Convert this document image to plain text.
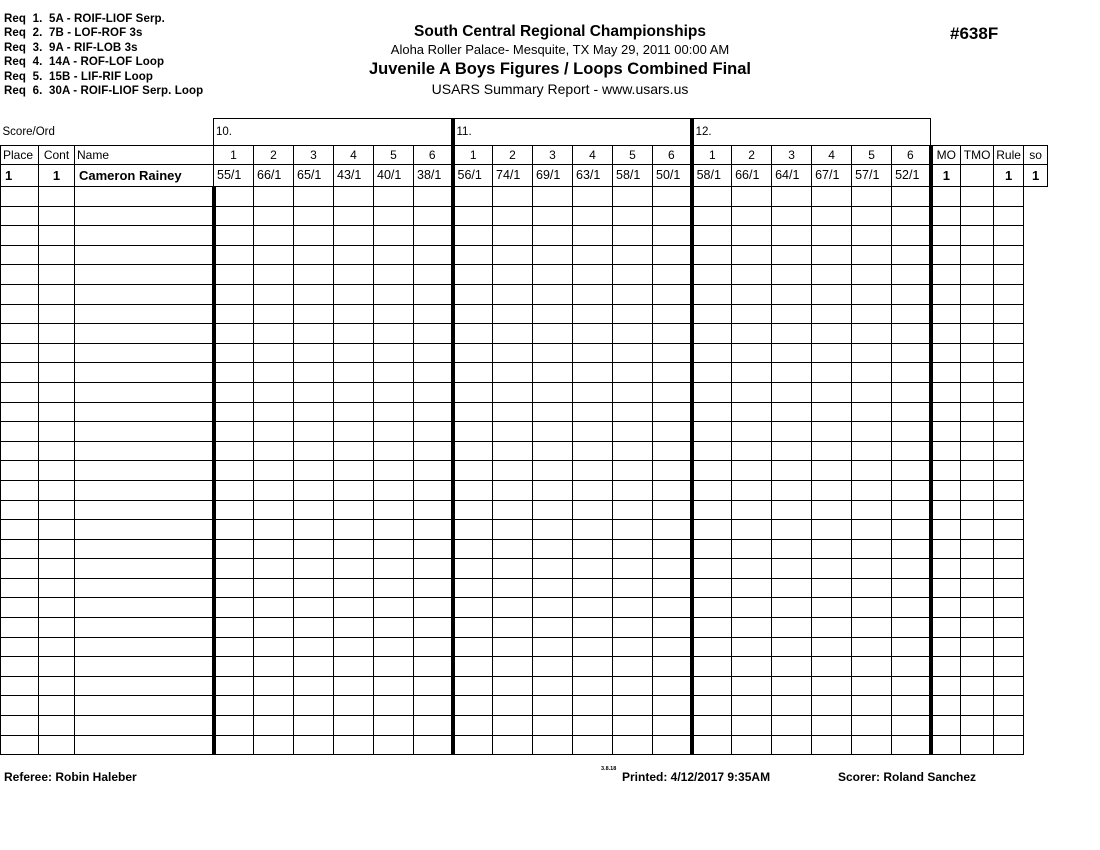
Req  1.  5A - ROIF-LIOF Serp.
Req  2.  7B - LOF-ROF 3s
Req  3.  9A - RIF-LOB 3s
Req  4.  14A - ROF-LOF Loop
Req  5.  15B - LIF-RIF Loop
Req  6.  30A - ROIF-LIOF Serp. Loop
South Central Regional Championships
Aloha Roller Palace- Mesquite, TX May 29, 2011 00:00 AM
Juvenile A Boys Figures / Loops Combined Final
USARS Summary Report - www.usars.us
#638F
Score/Ord			10.						11.						12.									
Place	Cont	Name	1	2	3	4	5	6	1	2	3	4	5	6	1	2	3	4	5	6	MO	TMO	Rule	so
1	1	Cameron Rainey	55/1	66/1	65/1	43/1	40/1	38/1	56/1	74/1	69/1	63/1	58/1	50/1	58/1	66/1	64/1	67/1	57/1	52/1	1		1	1

Referee: Robin Haleber
3.8.18
Printed: 4/12/2017 9:35AM	Scorer: Roland Sanchez
